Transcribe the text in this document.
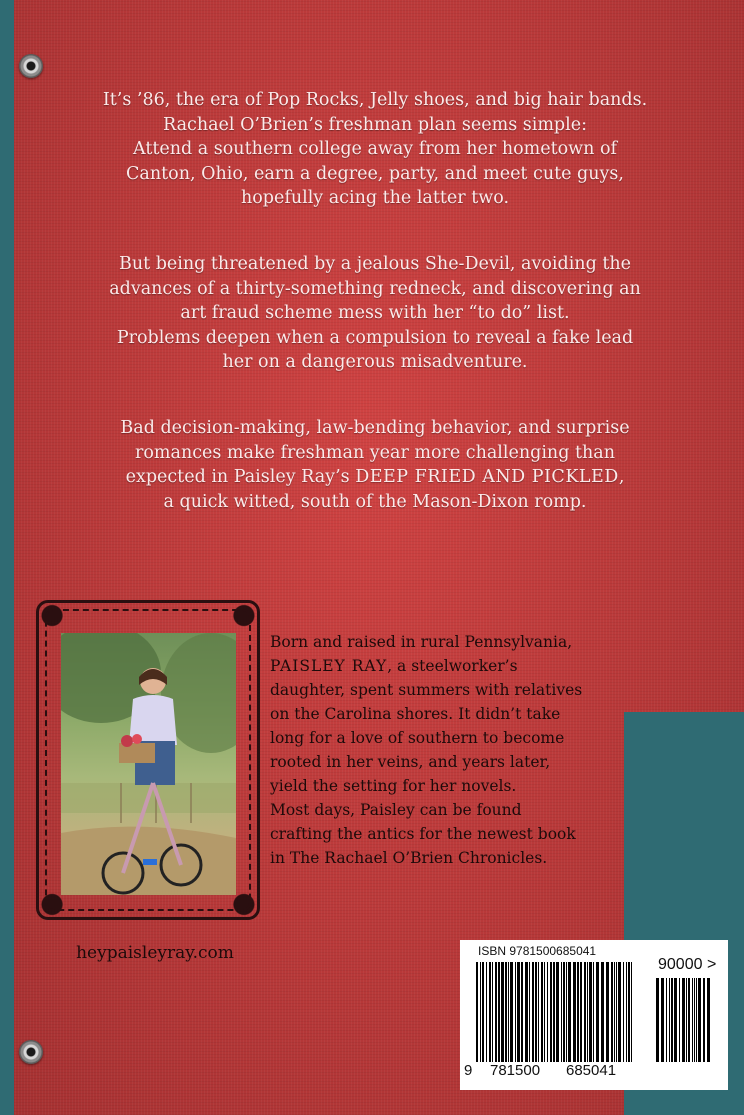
It’s ’86, the era of Pop Rocks, Jelly shoes, and big hair bands.

Rachael O’Brien’s freshman plan seems simple:

Attend a southern college away from her hometown of

Canton, Ohio, earn a degree, party, and meet cute guys,

hopefully acing the latter two.

But being threatened by a jealous She-Devil, avoiding the

advances of a thirty-something redneck, and discovering an

art fraud scheme mess with her “to do” list.

Problems deepen when a compulsion to reveal a fake lead

her on a dangerous misadventure.

Bad decision-making, law-bending behavior, and surprise

romances make freshman year more challenging than

expected in Paisley Ray’s DEEP FRIED AND PICKLED,

a quick witted, south of the Mason-Dixon romp.

Born and raised in rural Pennsylvania,
PAISLEY RAY, a steelworker’s
daughter, spent summers with relatives
on the Carolina shores. It didn’t take
long for a love of southern to become
rooted in her veins, and years later,
yield the setting for her novels.
Most days, Paisley can be found
crafting the antics for the newest book
in The Rachael O’Brien Chronicles.
heypaisleyray.com	ISBN 9781500685041
90000 >
9 781500 685041
